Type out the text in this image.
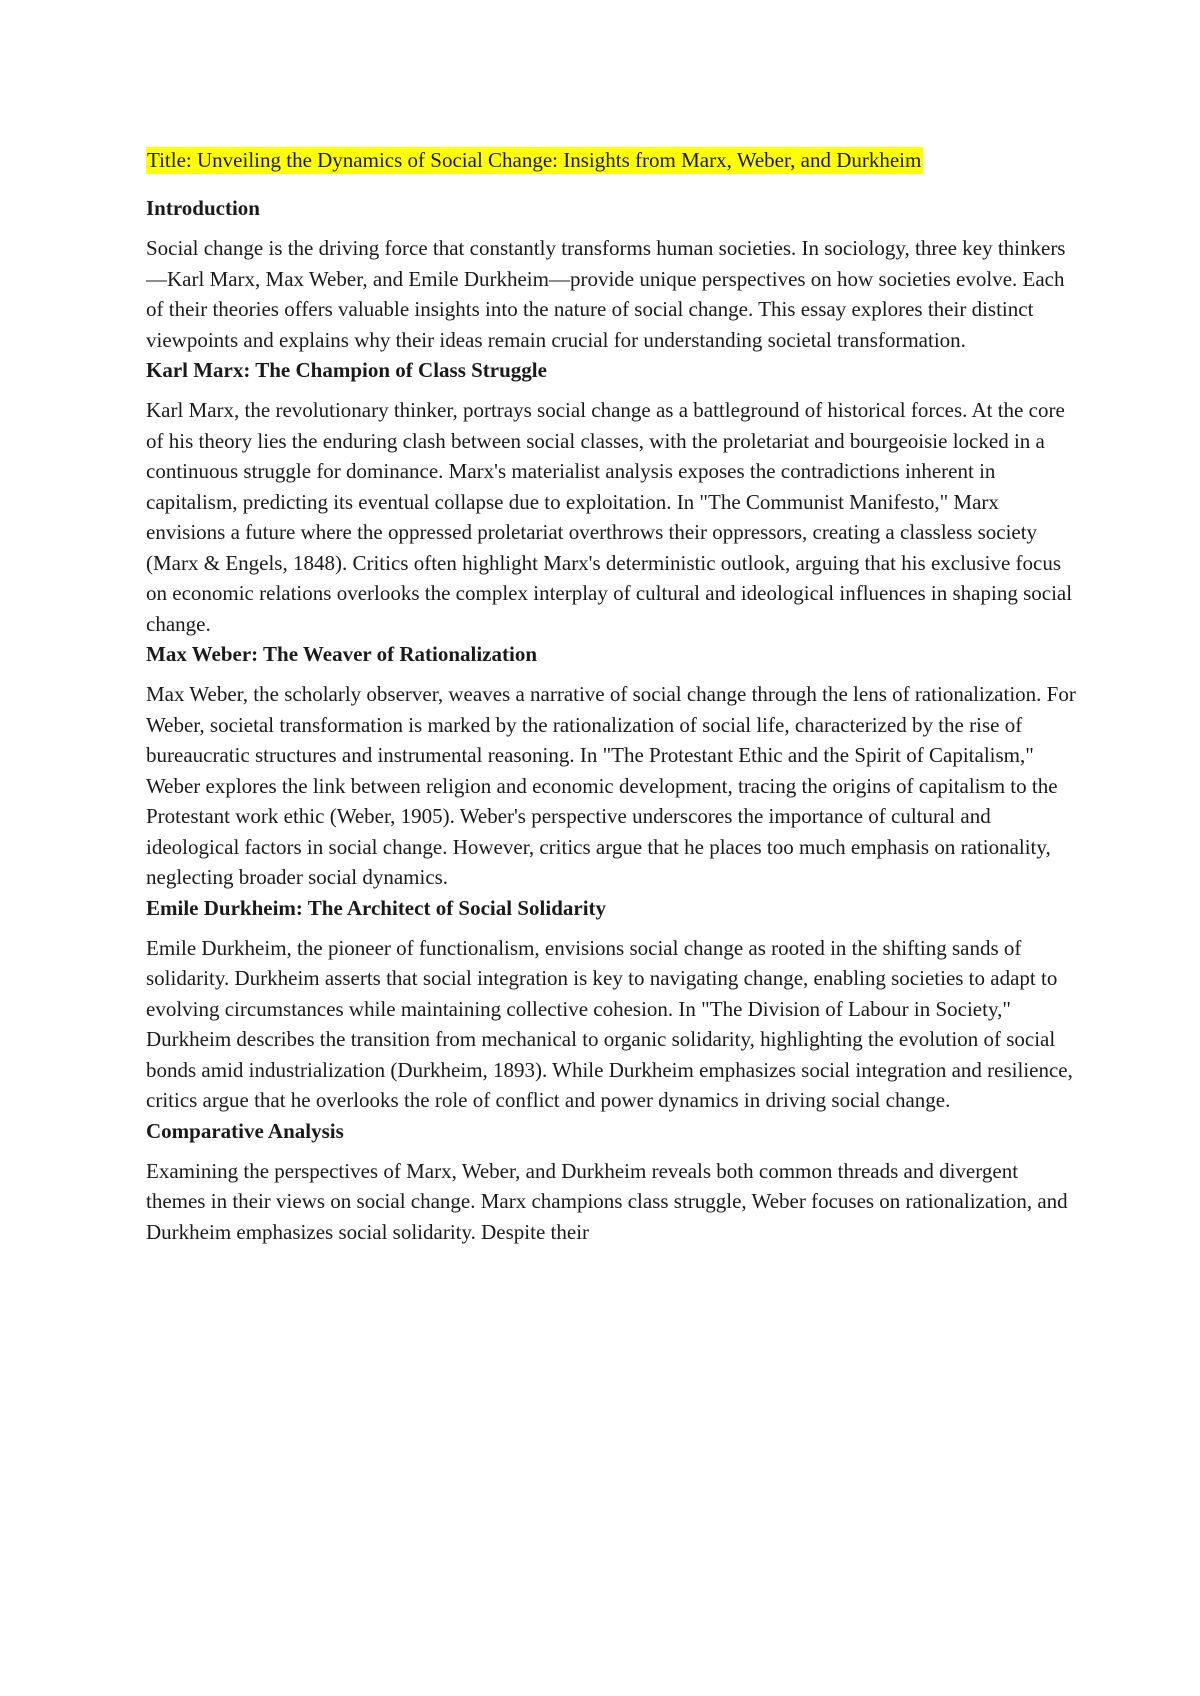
Title: Unveiling the Dynamics of Social Change: Insights from Marx, Weber, and Durkheim

Introduction

Social change is the driving force that constantly transforms human societies. In sociology, three key thinkers—Karl Marx, Max Weber, and Emile Durkheim—provide unique perspectives on how societies evolve. Each of their theories offers valuable insights into the nature of social change. This essay explores their distinct viewpoints and explains why their ideas remain crucial for understanding societal transformation.

Karl Marx: The Champion of Class Struggle

Karl Marx, the revolutionary thinker, portrays social change as a battleground of historical forces. At the core of his theory lies the enduring clash between social classes, with the proletariat and bourgeoisie locked in a continuous struggle for dominance. Marx's materialist analysis exposes the contradictions inherent in capitalism, predicting its eventual collapse due to exploitation. In "The Communist Manifesto," Marx envisions a future where the oppressed proletariat overthrows their oppressors, creating a classless society (Marx & Engels, 1848). Critics often highlight Marx's deterministic outlook, arguing that his exclusive focus on economic relations overlooks the complex interplay of cultural and ideological influences in shaping social change.

Max Weber: The Weaver of Rationalization

Max Weber, the scholarly observer, weaves a narrative of social change through the lens of rationalization. For Weber, societal transformation is marked by the rationalization of social life, characterized by the rise of bureaucratic structures and instrumental reasoning. In "The Protestant Ethic and the Spirit of Capitalism," Weber explores the link between religion and economic development, tracing the origins of capitalism to the Protestant work ethic (Weber, 1905). Weber's perspective underscores the importance of cultural and ideological factors in social change. However, critics argue that he places too much emphasis on rationality, neglecting broader social dynamics.

Emile Durkheim: The Architect of Social Solidarity

Emile Durkheim, the pioneer of functionalism, envisions social change as rooted in the shifting sands of solidarity. Durkheim asserts that social integration is key to navigating change, enabling societies to adapt to evolving circumstances while maintaining collective cohesion. In "The Division of Labour in Society," Durkheim describes the transition from mechanical to organic solidarity, highlighting the evolution of social bonds amid industrialization (Durkheim, 1893). While Durkheim emphasizes social integration and resilience, critics argue that he overlooks the role of conflict and power dynamics in driving social change.

Comparative Analysis

Examining the perspectives of Marx, Weber, and Durkheim reveals both common threads and divergent themes in their views on social change. Marx champions class struggle, Weber focuses on rationalization, and Durkheim emphasizes social solidarity. Despite their
